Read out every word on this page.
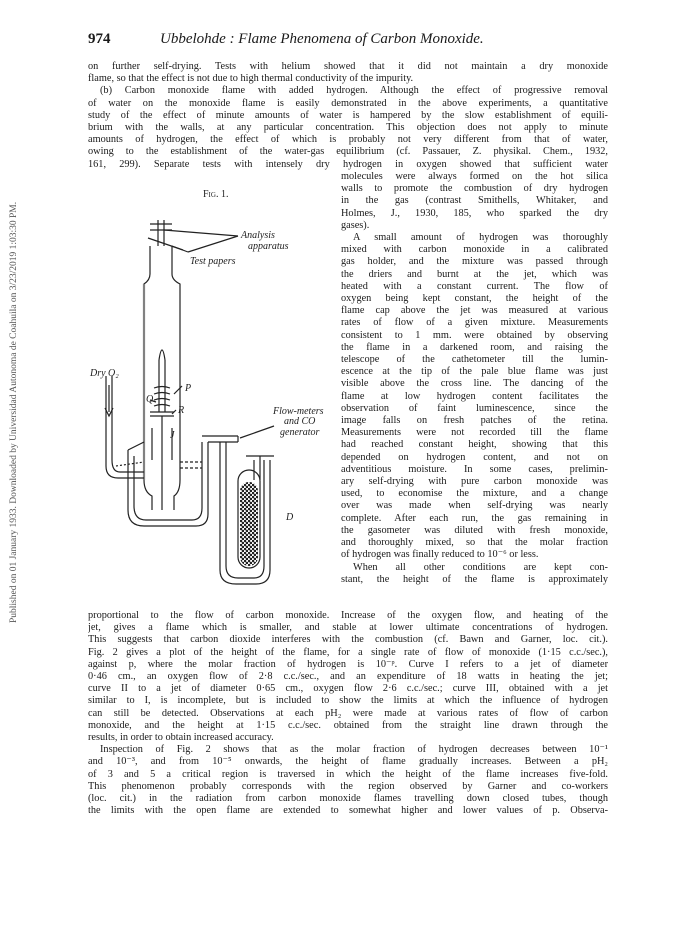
Published on 01 January 1933. Downloaded by Universidad Autonoma de Coahuila on 3/23/2019 1:03:30 PM.
974	Ubbelohde : Flame Phenomena of Carbon Monoxide.
on further self-drying. Tests with helium showed that it did not maintain a dry monoxide
flame, so that the effect is not due to high thermal conductivity of the impurity.
(b) Carbon monoxide flame with added hydrogen. Although the effect of progressive removal
of water on the monoxide flame is easily demonstrated in the above experiments, a quantitative
study of the effect of minute amounts of water is hampered by the slow establishment of equili-
brium with the walls, at any particular concentration. This objection does not apply to minute
amounts of hydrogen, the effect of which is probably not very different from that of water,
owing to the establishment of the water-gas equilibrium (cf. Passauer, Z. physikal. Chem., 1932,
161, 299). Separate tests with intensely dry hydrogen in oxygen showed that sufficient water
molecules were always formed on the hot silica
walls to promote the combustion of dry hydrogen
in the gas (contrast Smithells, Whitaker, and
Holmes, J., 1930, 185, who sparked the dry
gases).
A small amount of hydrogen was thoroughly
mixed with carbon monoxide in a calibrated
gas holder, and the mixture was passed through
the driers and burnt at the jet, which was
heated with a constant current. The flow of
oxygen being kept constant, the height of the
flame cap above the jet was measured at various
rates of flow of a given mixture. Measurements
consistent to 1 mm. were obtained by observing
the flame in a darkened room, and raising the
telescope of the cathetometer till the lumin-
escence at the tip of the pale blue flame was just
visible above the cross line. The dancing of the
flame at low hydrogen content facilitates the
observation of faint luminescence, since the
image falls on fresh patches of the retina.
Measurements were not recorded till the flame
had reached constant height, showing that this
depended on hydrogen content, and not on
adventitious moisture. In some cases, prelimin-
ary self-drying with pure carbon monoxide was
used, to economise the mixture, and a change
over was made when self-drying was nearly
complete. After each run, the gas remaining in
the gasometer was diluted with fresh monoxide,
and thoroughly mixed, so that the molar fraction
of hydrogen was finally reduced to 10⁻⁶ or less.
When all other conditions are kept con-
stant, the height of the flame is approximately
proportional to the flow of carbon monoxide. Increase of the oxygen flow, and heating of the
jet, gives a flame which is smaller, and stable at lower ultimate concentrations of hydrogen.
This suggests that carbon dioxide interferes with the combustion (cf. Bawn and Garner, loc. cit.).
Fig. 2 gives a plot of the height of the flame, for a single rate of flow of monoxide (1·15 c.c./sec.),
against p, where the molar fraction of hydrogen is 10⁻ᵖ. Curve I refers to a jet of diameter
0·46 cm., an oxygen flow of 2·8 c.c./sec., and an expenditure of 18 watts in heating the jet;
curve II to a jet of diameter 0·65 cm., oxygen flow 2·6 c.c./sec.; curve III, obtained with a jet
similar to I, is incomplete, but is included to show the limits at which the influence of hydrogen
can still be detected. Observations at each pH₂ were made at various rates of flow of carbon
monoxide, and the height at 1·15 c.c./sec. obtained from the straight line drawn through the
results, in order to obtain increased accuracy.
Inspection of Fig. 2 shows that as the molar fraction of hydrogen decreases between 10⁻¹
and 10⁻³, and from 10⁻⁵ onwards, the height of flame gradually increases. Between a pH₂
of 3 and 5 a critical region is traversed in which the height of the flame increases five-fold.
This phenomenon probably corresponds with the region observed by Garner and co-workers
(loc. cit.) in the radiation from carbon monoxide flames travelling down closed tubes, though
the limits with the open flame are extended to somewhat higher and lower values of p. Observa-
Fig. 1.
Analysis
apparatus
Test papers
Dry O₂
P
Q
R
J
Flow-meters
and CO
generator
D
